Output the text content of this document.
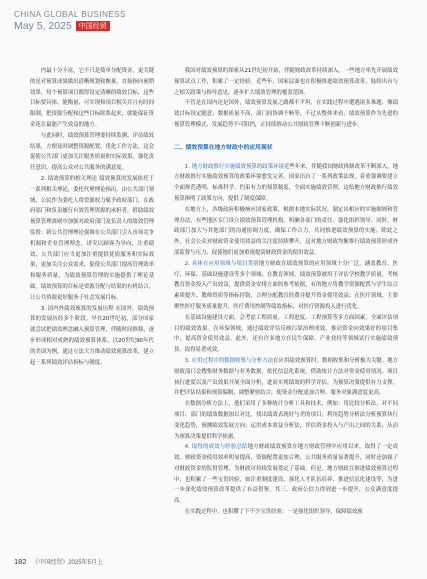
CHINA GLOBAL BUSINESS
May 5, 2025 中国经贸

内最十分丰富，它不只是简单分配资金，更关键的是对预算成果做出清晰规划和衡量，直接指向预期效果。每个预算项目都得设定清晰的绩效目标，这些目标要具体、能衡量、可实现和项目相关并且有时间限制，把资源分配和这些目标联系起来，就能保证资金花在最能产生效益的地方。

与此同时，绩效预算管理要持续监测、评估绩效结果，方便及时调整资源配置，优化工作方法。这会促使公共部门更加关注服务质量和实际效果，强化责任意识，提高公众对公共服务的满意度。

2. 绩效预算的相关理论 绩效预算的发展依托于一系列相关理论，委托代理理论指出，由公共部门领域，公民作为委托人将资源权力赋予政府部门，在政府部门和负责履行有效管理资源的承担者，借助绩效预算管理准则中加强对政府部门及负责人的绩效管理监督；新公共管理理论强调在公共部门引入市场竞争机制和企业管理理念，讲究以顾客为导向、注重绩效、公共部门应当更加注重提供优质服务和实际效果，更加关注公众需求，促使公共部门提高管理效率和服务质量，为绩效预算管理的实施提供了理论基础，绩效预算的目标是资源分配与结果的有机结合，让公共资源更好服务于社会发展目标。

3. 国内外绩效预算的发展历程 在国外，绩效预算的发展历经多个阶段。早在20世纪初，部分国家就尝试把绩效理念融入预算管理，伴随时间推移，逐步形成相对成熟的绩效预算体系。以20世纪90年代的美国为例，通过立法大力推动绩效预算改革，建立起一系列绩效评估指标与制度。

我国对绩效预算的探索从21世纪初开始，伴随财政改革持续深入，一些地方率先开展绩效预算试点工作，积累了一定经验。近些年，国家层面也在积极推进绩效预算改革，陆续出台与之相关政策与指导意见，逐步扩大绩效管理的覆盖范围。

不管是在国内还是国外，绩效预算发展之路都不平坦，在实践过程中遭遇诸多难题，像绩效目标设定随意、数据质量不高，部门间协调不畅等，不过从整体来看，绩效预算作为先进的预算管理模式，发展趋势不可阻挡，正持续推动公共财政管理不断创新与进步。

二、绩效预算在地方财政中的应用现状

1. 地方财政推行实施绩效预算的政策环境近些年来，伴随我国财政体制改革不断深入，地方财政推行实施绩效预算的政策环境愈发完善。国家出台了一系列政策法规，着重强调要建立全面规范透明、标准科学、约束有力的预算制度，全面实施绩效管理。这给地方财政推行绩效预算指明了政策方向，提供了制度保障。

在地方上，各级政府积极响应国家政策，根据本地实际状况，制定出相应的实施细则和管理办法，有些地区专门设立绩效预算管理机构，明确各部门的责任，强化组织领导。同时，财政部门加大与其他部门的沟通协调力度，确保工作合力，共同推进绩效预算的实施。除此之外，社会公众对财政资金使用效益的关注度持续攀升，这对地方财政均衡推行绩效预算形成外部监督与压力，促使地们更加重视提高财政资金的使用效益。

2. 具体在应用领域与项目类别地方财政在绩效预算的应用领域十分广泛，涵盖教育、医疗、环保、基础设施建设等多个领域。在教育领域，绩效预算被用于评估学校教学质量，考核教育资金投入产出效益，提供资金安排方面的参考依据，有的地方将教学资源配置与学生综合素质提升、教师资质等指标挂钩，合理分配教育经费并提升资金使用效益；在医疗领域，主要聚焦医疗服务质量提升、医疗费用控制等绩效指标，对医疗资源投入进行优化。

在基础设施建设方面，会考虑工程质量、工程进度、工程预算等多方面因素，全面评估项目的绩效效果。在环保领域，通过绩效评估反映污染治理成效，推动资金向效果好的项目集中，提高资金使用效益。此外，还有许多地方在民生保障、产业扶持等领域试行实施绩效预算，取得显著成效。

3. 应用过程中的数据收集与分析方法在应用绩效预算时，数据收集和分析极为关键。地方财政部门会搜集财务数据与业务数据，依托信息化系统，借助统计方法对资金使用情况、项目执行进度以及产出效果开展全面分析，进而实现绩效的科学评估，为预算决策提供有力支撑，并把评估结果和预算编制、调整紧密结合，使资金分配更加合理、服务对象满意度更高。

在数据分析方法上，他们采用了多种统计分析工具和技术，例如：用比较分析法，对不同项目、部门的绩效数据加以对比，找出绩效表现好与差的项目；利用趋势分析法分析预算执行变化趋势，预测绩效发展方向；运用成本效益分析法，评估资金投入与产出之间的关系，从而为预算决策提供科学依据。

4. 取得的成效与经验总结地方财政绩效预算在地方财政管理中应用以来，取得了一定成效。财政资金使用效率明显提高，资源配置更加合理，公共服务质量显著提升，同时还加强了对财政资金的监督管理，为财政可持续发展奠定了基础。但是，地方财政在推进绩效预算过程中，也积累了一些宝贵经验，如注重制度建设、强化人才队伍培养、推进信息化建设等，为进一步深化绩效预算改革提供了有益借鉴，其三，政府公信力得到进一步提升，公众满意度提高。

在实践过程中，也积攒了下不少宝贵经验：一是强化组织领导，保障绩效预

182 《中国经贸》2025年5月上
